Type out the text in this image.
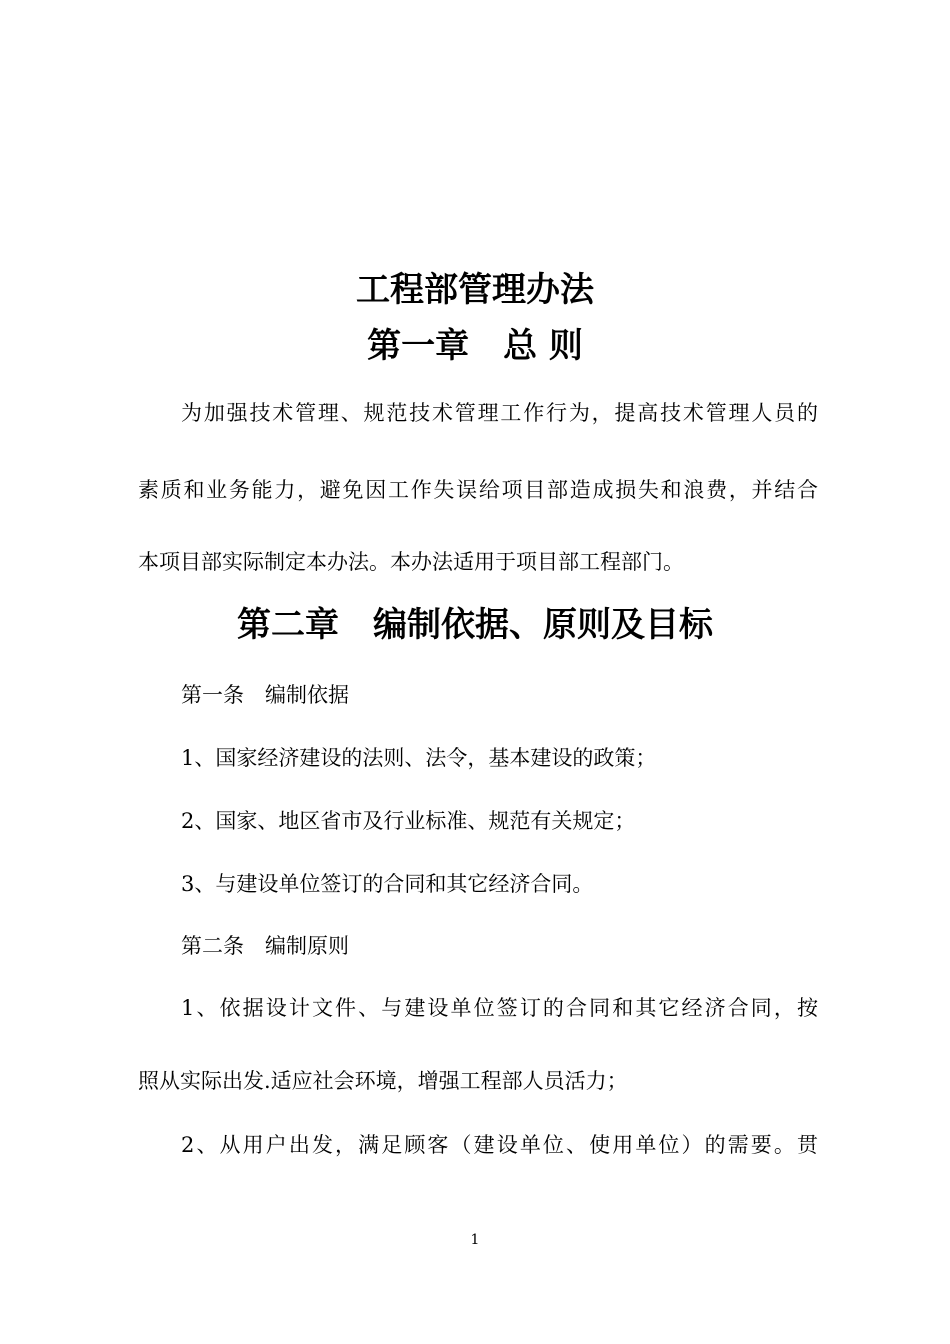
工程部管理办法
第一章　总 则
为加强技术管理、规范技术管理工作行为，提高技术管理人员的
素质和业务能力，避免因工作失误给项目部造成损失和浪费，并结合
本项目部实际制定本办法。本办法适用于项目部工程部门。
第二章　编制依据、原则及目标
第一条　编制依据
1、国家经济建设的法则、法令，基本建设的政策；
2、国家、地区省市及行业标准、规范有关规定；
3、与建设单位签订的合同和其它经济合同。
第二条　编制原则
1、依据设计文件、与建设单位签订的合同和其它经济合同，按
照从实际出发.适应社会环境，增强工程部人员活力；
2、从用户出发，满足顾客（建设单位、使用单位）的需要。贯
1
